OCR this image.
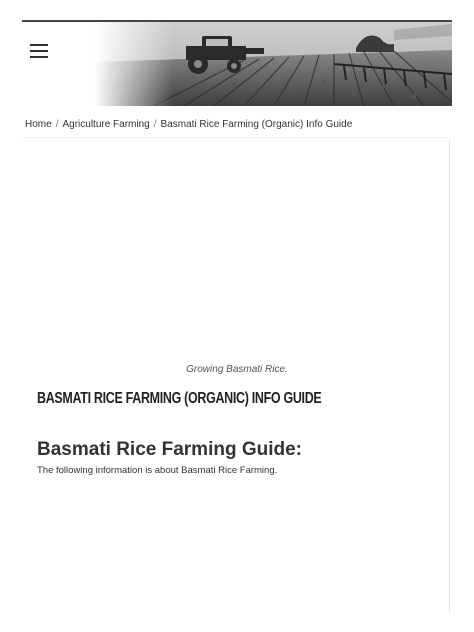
Home / Agriculture Farming / Basmati Rice Farming (Organic) Info Guide
Growing Basmati Rice.
BASMATI RICE FARMING (ORGANIC) INFO GUIDE
Basmati Rice Farming Guide:
The following information is about Basmati Rice Farming.
